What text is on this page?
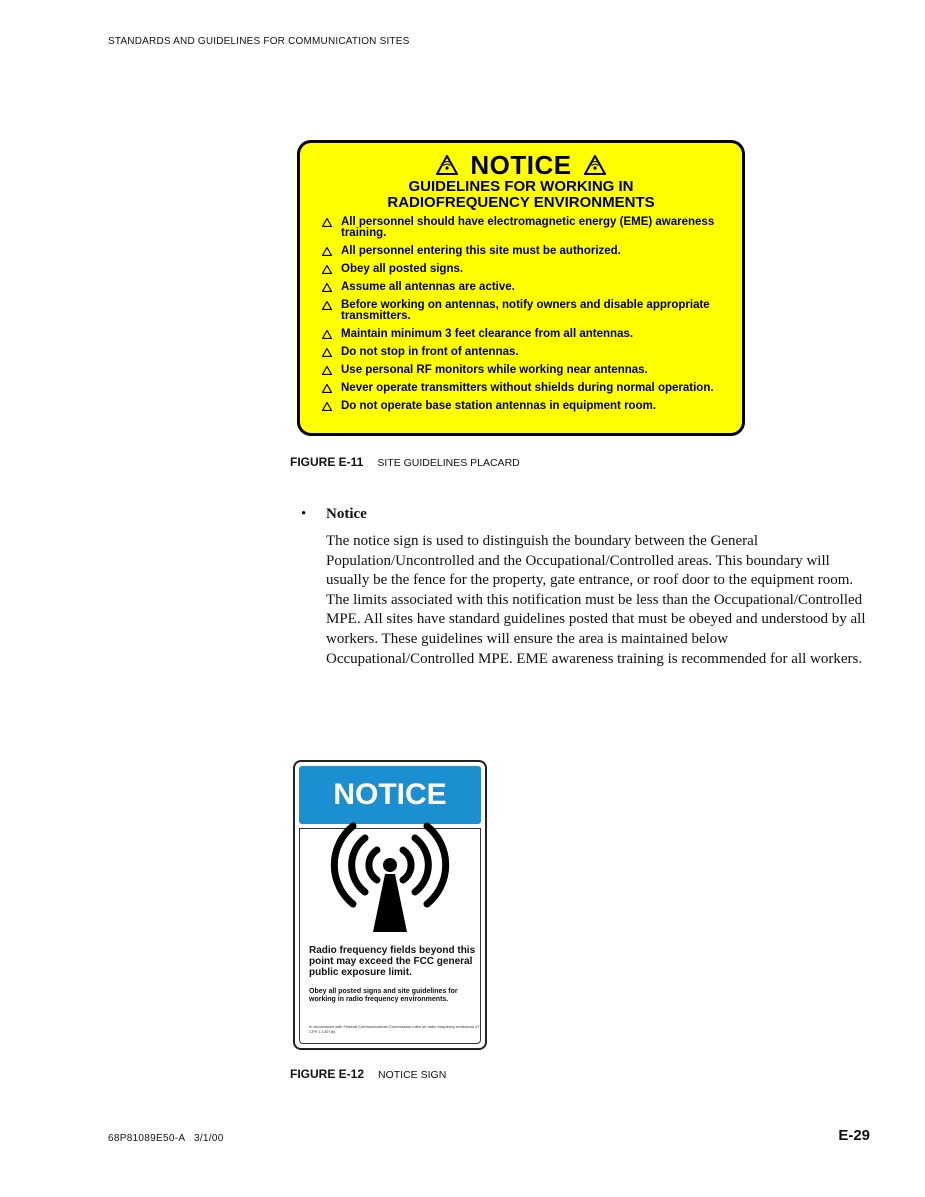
STANDARDS AND GUIDELINES FOR COMMUNICATION SITES
NOTICE
GUIDELINES FOR WORKING IN
RADIOFREQUENCY ENVIRONMENTS
All personnel should have electromagnetic energy (EME) awareness training.
All personnel entering this site must be authorized.
Obey all posted signs.
Assume all antennas are active.
Before working on antennas, notify owners and disable appropriate transmitters.
Maintain minimum 3 feet clearance from all antennas.
Do not stop in front of antennas.
Use personal RF monitors while working near antennas.
Never operate transmitters without shields during normal operation.
Do not operate base station antennas in equipment room.
FIGURE E-11 SITE GUIDELINES PLACARD
• Notice

The notice sign is used to distinguish the boundary between the General Population/Uncontrolled and the Occupational/Controlled areas. This boundary will usually be the fence for the property, gate entrance, or roof door to the equipment room. The limits associated with this notification must be less than the Occupational/Controlled MPE. All sites have standard guidelines posted that must be obeyed and understood by all workers. These guidelines will ensure the area is maintained below Occupational/Controlled MPE. EME awareness training is recommended for all workers.

NOTICE

Radio frequency fields beyond this point may exceed the FCC general public exposure limit.

Obey all posted signs and site guidelines for working in radio frequency environments.

In accordance with Federal Communications Commission rules on radio frequency emissions 47 CFR 1.1307(b)

FIGURE E-12 NOTICE SIGN
68P81089E50-A   3/1/00	E-29
